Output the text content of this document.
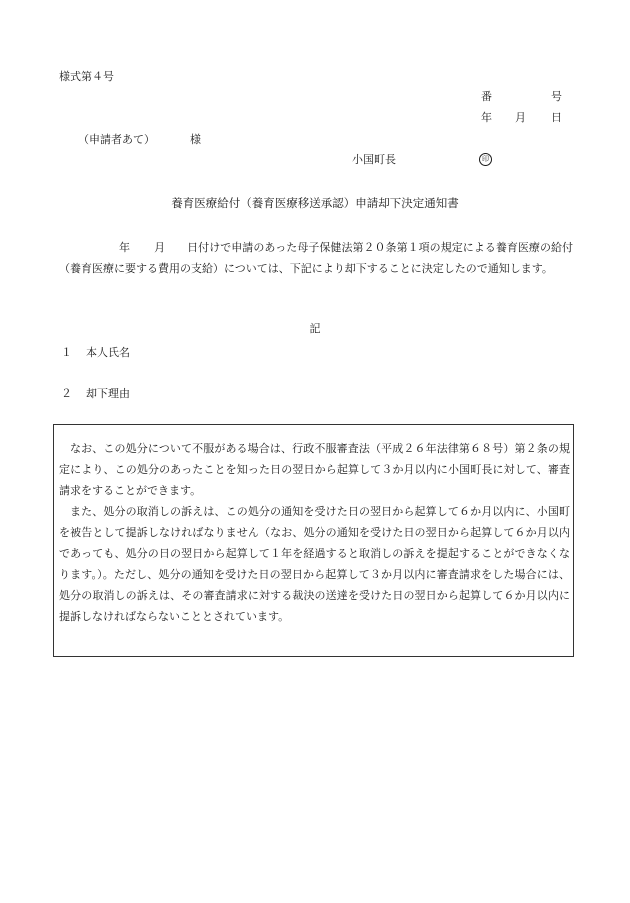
様式第４号
番	号
年 月 日
（申請者あて）	様
小国町長	印
養育医療給付（養育医療移送承認）申請却下決定通知書
年 月 日付けで申請のあった母子保健法第２０条第１項の規定による養育医療の給付（養育医療に要する費用の支給）については、下記により却下することに決定したので通知します。
記
１ 本人氏名
２ 却下理由

なお、この処分について不服がある場合は、行政不服審査法（平成２６年法律第６８号）第２条の規定により、この処分のあったことを知った日の翌日から起算して３か月以内に小国町長に対して、審査請求をすることができます。

また、処分の取消しの訴えは、この処分の通知を受けた日の翌日から起算して６か月以内に、小国町を被告として提訴しなければなりません（なお、処分の通知を受けた日の翌日から起算して６か月以内であっても、処分の日の翌日から起算して１年を経過すると取消しの訴えを提起することができなくなります。）。ただし、処分の通知を受けた日の翌日から起算して３か月以内に審査請求をした場合には、処分の取消しの訴えは、その審査請求に対する裁決の送達を受けた日の翌日から起算して６か月以内に提訴しなければならないこととされています。
